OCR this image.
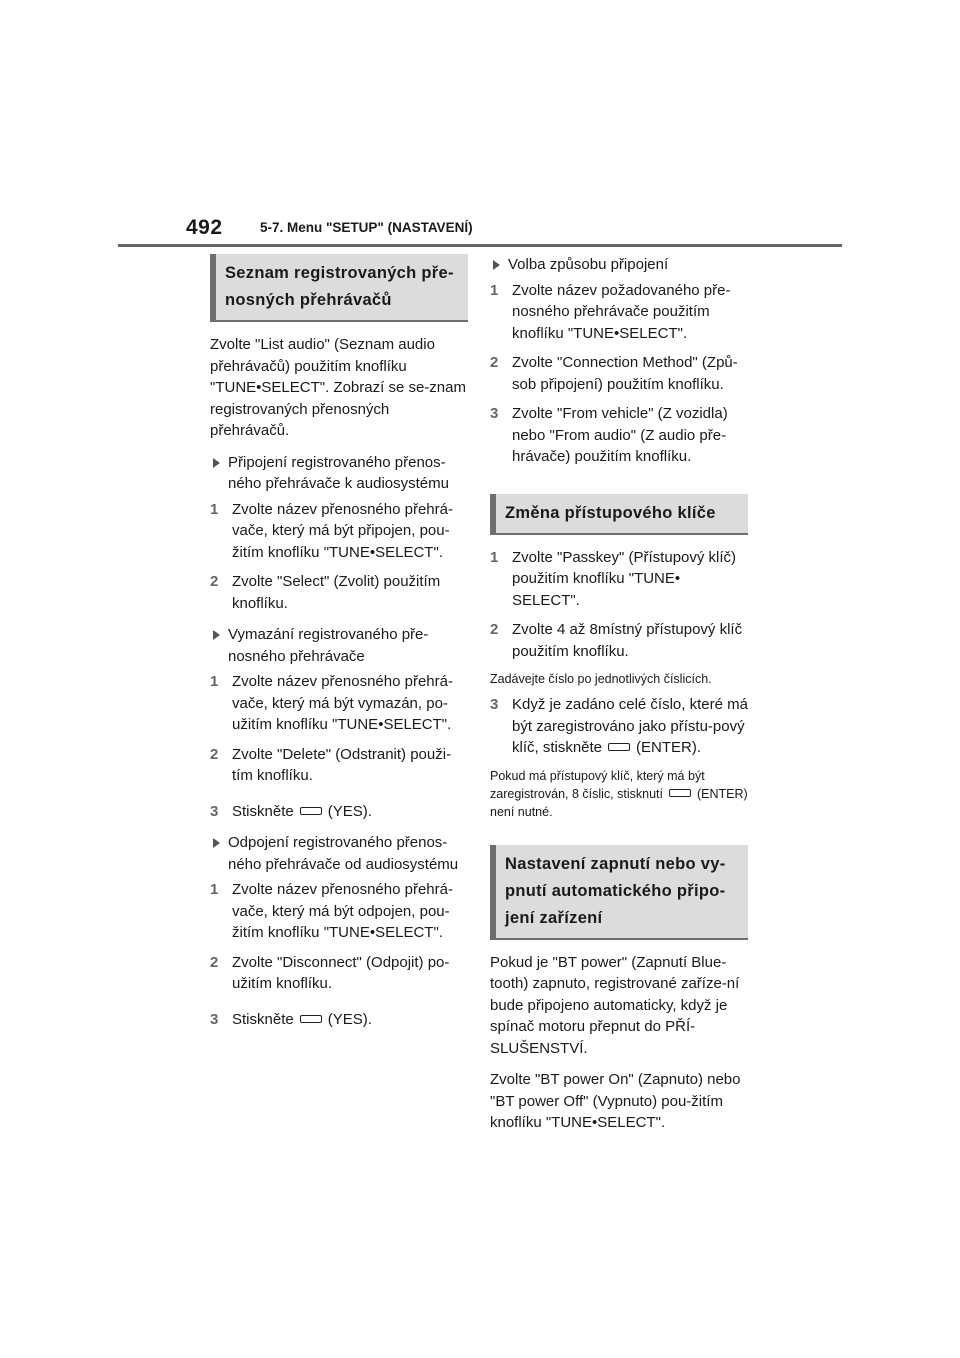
492	5-7. Menu "SETUP" (NASTAVENÍ)
Seznam registrovaných pře-nosných přehrávačů

Zvolte "List audio" (Seznam audio přehrávačů) použitím knoflíku "TUNE•SELECT". Zobrazí se se-znam registrovaných přenosných přehrávačů.

Připojení registrovaného přenos-ného přehrávače k audiosystému
1 Zvolte název přenosného přehrá-vače, který má být připojen, pou-žitím knoflíku "TUNE•SELECT".
2 Zvolte "Select" (Zvolit) použitím knoflíku.
Vymazání registrovaného pře-nosného přehrávače
1 Zvolte název přenosného přehrá-vače, který má být vymazán, po-užitím knoflíku "TUNE•SELECT".
2 Zvolte "Delete" (Odstranit) použi-tím knoflíku.
3 Stiskněte (YES).
Odpojení registrovaného přenos-ného přehrávače od audiosystému
1 Zvolte název přenosného přehrá-vače, který má být odpojen, pou-žitím knoflíku "TUNE•SELECT".
2 Zvolte "Disconnect" (Odpojit) po-užitím knoflíku.
3 Stiskněte (YES).
Volba způsobu připojení
1 Zvolte název požadovaného pře-nosného přehrávače použitím knoflíku "TUNE•SELECT".
2 Zvolte "Connection Method" (Způ-sob připojení) použitím knoflíku.
3 Zvolte "From vehicle" (Z vozidla) nebo "From audio" (Z audio pře-hrávače) použitím knoflíku.
Změna přístupového klíče
1 Zvolte "Passkey" (Přístupový klíč) použitím knoflíku "TUNE• SELECT".
2 Zvolte 4 až 8místný přístupový klíč použitím knoflíku.

Zadávejte číslo po jednotlivých číslicích.

3 Když je zadáno celé číslo, které má být zaregistrováno jako přístu-pový klíč, stiskněte (ENTER).

Pokud má přístupový klíč, který má být zaregistrován, 8 číslic, stisknutí	(ENTER) není nutné.

Nastavení zapnutí nebo vy-pnutí automatického připo-jení zařízení

Pokud je "BT power" (Zapnutí Blue-tooth) zapnuto, registrované zaříze-ní bude připojeno automaticky, když je spínač motoru přepnut do PŘÍ-SLUŠENSTVÍ.

Zvolte "BT power On" (Zapnuto) nebo "BT power Off" (Vypnuto) pou-žitím knoflíku "TUNE•SELECT".
